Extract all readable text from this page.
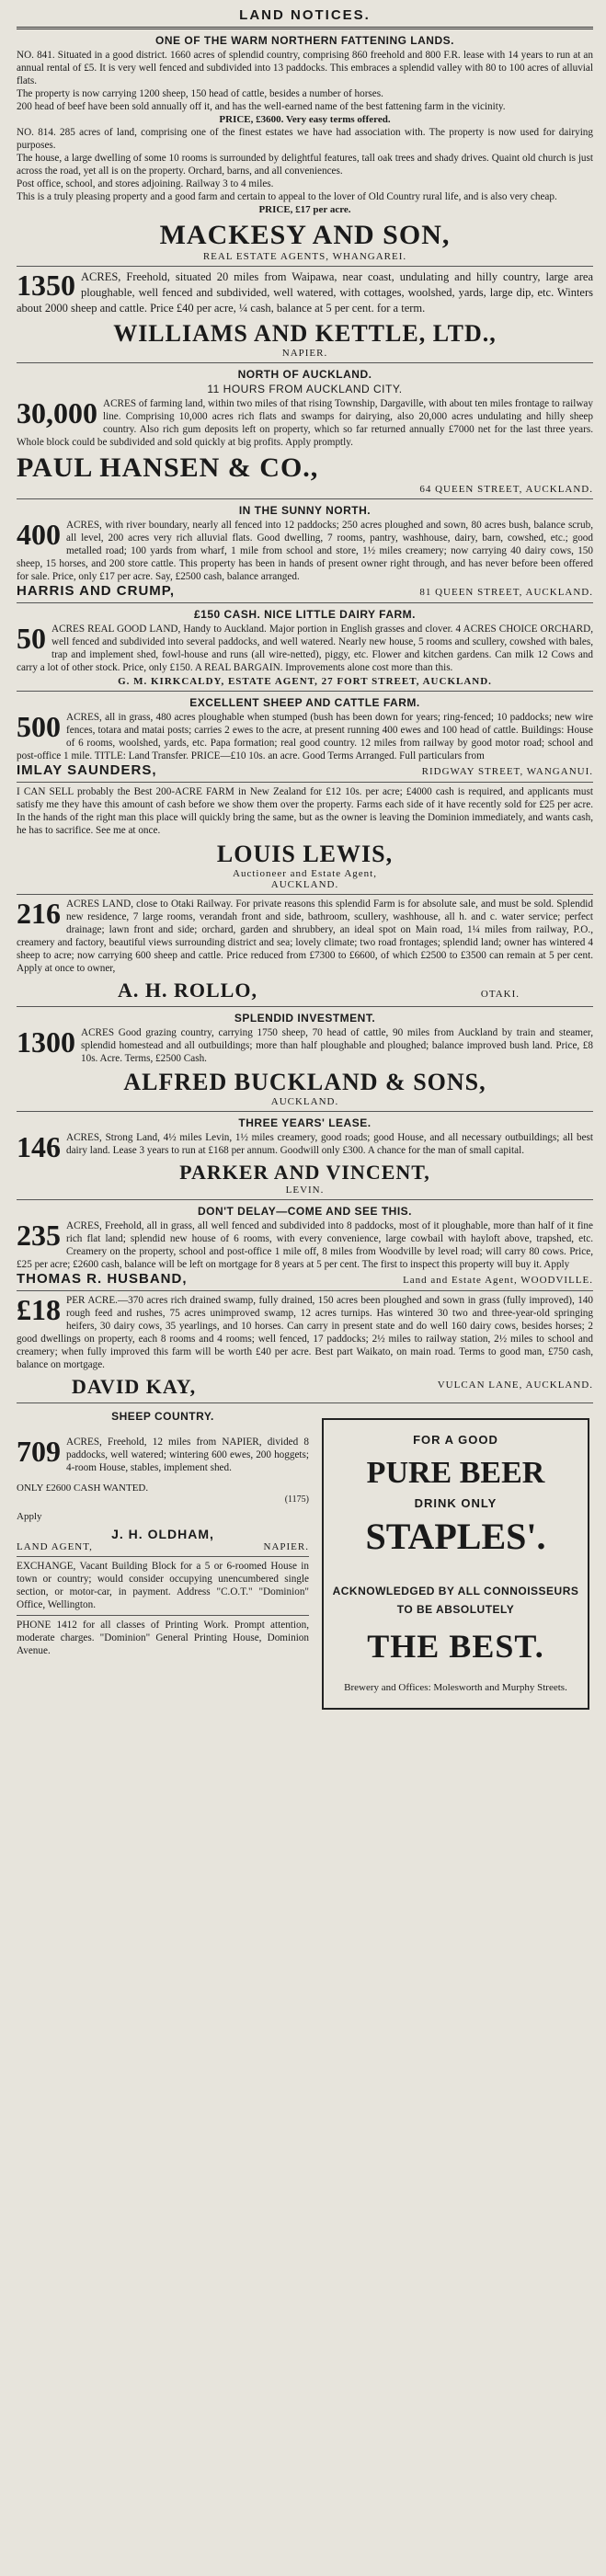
LAND NOTICES.
ONE OF THE WARM NORTHERN FATTENING LANDS.

NO. 841. Situated in a good district. 1660 acres of splendid country, comprising 860 freehold and 800 F.R. lease with 14 years to run at an annual rental of £5. It is very well fenced and subdivided into 13 paddocks. This embraces a splendid valley with 80 to 100 acres of alluvial flats.

The property is now carrying 1200 sheep, 150 head of cattle, besides a number of horses.

200 head of beef have been sold annually off it, and has the well-earned name of the best fattening farm in the vicinity.

PRICE, £3600. Very easy terms offered.

NO. 814. 285 acres of land, comprising one of the finest estates we have had association with. The property is now used for dairying purposes.

The house, a large dwelling of some 10 rooms is surrounded by delightful features, tall oak trees and shady drives. Quaint old church is just across the road, yet all is on the property. Orchard, barns, and all conveniences.

Post office, school, and stores adjoining. Railway 3 to 4 miles.

This is a truly pleasing property and a good farm and certain to appeal to the lover of Old Country rural life, and is also very cheap.

PRICE, £17 per acre.
MACKESY AND SON,
REAL ESTATE AGENTS, WHANGAREI.
1350 ACRES, Freehold, situated 20 miles from Waipawa, near coast, undulating and hilly country, large area ploughable, well fenced and subdivided, well watered, with cottages, woolshed, yards, large dip, etc. Winters about 2000 sheep and cattle. Price £40 per acre, ¼ cash, balance at 5 per cent. for a term.
WILLIAMS AND KETTLE, LTD.,
NAPIER.
NORTH OF AUCKLAND.
11 HOURS FROM AUCKLAND CITY.
30,000 ACRES of farming land, within two miles of that rising Township, Dargaville, with about ten miles frontage to railway line. Comprising 10,000 acres rich flats and swamps for dairying, also 20,000 acres undulating and hilly sheep country. Also rich gum deposits left on property, which so far returned annually £7000 net for the last three years. Whole block could be subdivided and sold quickly at big profits. Apply promptly.
PAUL HANSEN & CO.,
64 QUEEN STREET, AUCKLAND.
IN THE SUNNY NORTH.
400 ACRES, with river boundary, nearly all fenced into 12 paddocks; 250 acres ploughed and sown, 80 acres bush, balance scrub, all level, 200 acres very rich alluvial flats. Good dwelling, 7 rooms, pantry, washhouse, dairy, barn, cowshed, etc.; good metalled road; 100 yards from wharf, 1 mile from school and store, 1½ miles creamery; now carrying 40 dairy cows, 150 sheep, 15 horses, and 200 store cattle. This property has been in hands of present owner right through, and has never before been offered for sale. Price, only £17 per acre. Say, £2500 cash, balance arranged.
HARRIS AND CRUMP,	81 QUEEN STREET, AUCKLAND.
£150 CASH. NICE LITTLE DAIRY FARM.
50 ACRES REAL GOOD LAND, Handy to Auckland. Major portion in English grasses and clover. 4 ACRES CHOICE ORCHARD, well fenced and subdivided into several paddocks, and well watered. Nearly new house, 5 rooms and scullery, cowshed with bales, trap and implement shed, fowl-house and runs (all wire-netted), piggy, etc. Flower and kitchen gardens. Can milk 12 Cows and carry a lot of other stock. Price, only £150. A REAL BARGAIN. Improvements alone cost more than this.
G. M. KIRKCALDY, ESTATE AGENT, 27 FORT STREET, AUCKLAND.
EXCELLENT SHEEP AND CATTLE FARM.
500 ACRES, all in grass, 480 acres ploughable when stumped (bush has been down for years; ring-fenced; 10 paddocks; new wire fences, totara and matai posts; carries 2 ewes to the acre, at present running 400 ewes and 100 head of cattle. Buildings: House of 6 rooms, woolshed, yards, etc. Papa formation; real good country. 12 miles from railway by good motor road; school and post-office 1 mile. TITLE: Land Transfer. PRICE—£10 10s. an acre. Good Terms Arranged. Full particulars from
IMLAY SAUNDERS,	RIDGWAY STREET, WANGANUI.
I CAN SELL probably the Best 200-ACRE FARM in New Zealand for £12 10s. per acre; £4000 cash is required, and applicants must satisfy me they have this amount of cash before we show them over the property. Farms each side of it have recently sold for £25 per acre. In the hands of the right man this place will quickly bring the same, but as the owner is leaving the Dominion immediately, and wants cash, he has to sacrifice. See me at once.
LOUIS LEWIS,
Auctioneer and Estate Agent,
AUCKLAND.
216 ACRES LAND, close to Otaki Railway. For private reasons this splendid Farm is for absolute sale, and must be sold. Splendid new residence, 7 large rooms, verandah front and side, bathroom, scullery, washhouse, all h. and c. water service; perfect drainage; lawn front and side; orchard, garden and shrubbery, an ideal spot on Main road, 1¼ miles from railway, P.O., creamery and factory, beautiful views surrounding district and sea; lovely climate; two road frontages; splendid land; owner has wintered 4 sheep to acre; now carrying 600 sheep and cattle. Price reduced from £7300 to £6600, of which £2500 to £3500 can remain at 5 per cent. Apply at once to owner,
A. H. ROLLO,	OTAKI.
SPLENDID INVESTMENT.
1300 ACRES Good grazing country, carrying 1750 sheep, 70 head of cattle, 90 miles from Auckland by train and steamer, splendid homestead and all outbuildings; more than half ploughable and ploughed; balance improved bush land. Price, £8 10s. Acre. Terms, £2500 Cash.
ALFRED BUCKLAND & SONS,
AUCKLAND.
THREE YEARS' LEASE.
146 ACRES, Strong Land, 4½ miles Levin, 1½ miles creamery, good roads; good House, and all necessary outbuildings; all best dairy land. Lease 3 years to run at £168 per annum. Goodwill only £300. A chance for the man of small capital.
PARKER AND VINCENT,
LEVIN.
DON'T DELAY—COME AND SEE THIS.
235 ACRES, Freehold, all in grass, all well fenced and subdivided into 8 paddocks, most of it ploughable, more than half of it fine rich flat land; splendid new house of 6 rooms, with every convenience, large cowbail with hayloft above, trapshed, etc. Creamery on the property, school and post-office 1 mile off, 8 miles from Woodville by level road; will carry 80 cows. Price, £25 per acre; £2600 cash, balance will be left on mortgage for 8 years at 5 per cent. The first to inspect this property will buy it. Apply
THOMAS R. HUSBAND,	Land and Estate Agent, WOODVILLE.
£18 PER ACRE.—370 acres rich drained swamp, fully drained, 150 acres been ploughed and sown in grass (fully improved), 140 rough feed and rushes, 75 acres unimproved swamp, 12 acres turnips. Has wintered 30 two and three-year-old springing heifers, 30 dairy cows, 35 yearlings, and 10 horses. Can carry in present state and do well 160 dairy cows, besides horses; 2 good dwellings on property, each 8 rooms and 4 rooms; well fenced, 17 paddocks; 2½ miles to railway station, 2½ miles to school and creamery; when fully improved this farm will be worth £40 per acre. Best part Waikato, on main road. Terms to good man, £750 cash, balance on mortgage.
DAVID KAY,	VULCAN LANE, AUCKLAND.
SHEEP COUNTRY.
709 ACRES, Freehold, 12 miles from NAPIER, divided 8 paddocks, well watered; wintering 600 ewes, 200 hoggets; 4-room House, stables, implement shed.
ONLY £2600 CASH WANTED.
(1175)
Apply
J. H. OLDHAM,
LAND AGENT,	NAPIER.
EXCHANGE, Vacant Building Block for a 5 or 6-roomed House in town or country; would consider occupying unencumbered single section, or motor-car, in payment. Address "C.O.T." "Dominion" Office, Wellington.
PHONE 1412 for all classes of Printing Work. Prompt attention, moderate charges. "Dominion" General Printing House, Dominion Avenue.
FOR A GOOD
PURE BEER
DRINK ONLY
STAPLES'.
ACKNOWLEDGED BY ALL CONNOISSEURS TO BE ABSOLUTELY
THE BEST.
Brewery and Offices: Molesworth and Murphy Streets.
